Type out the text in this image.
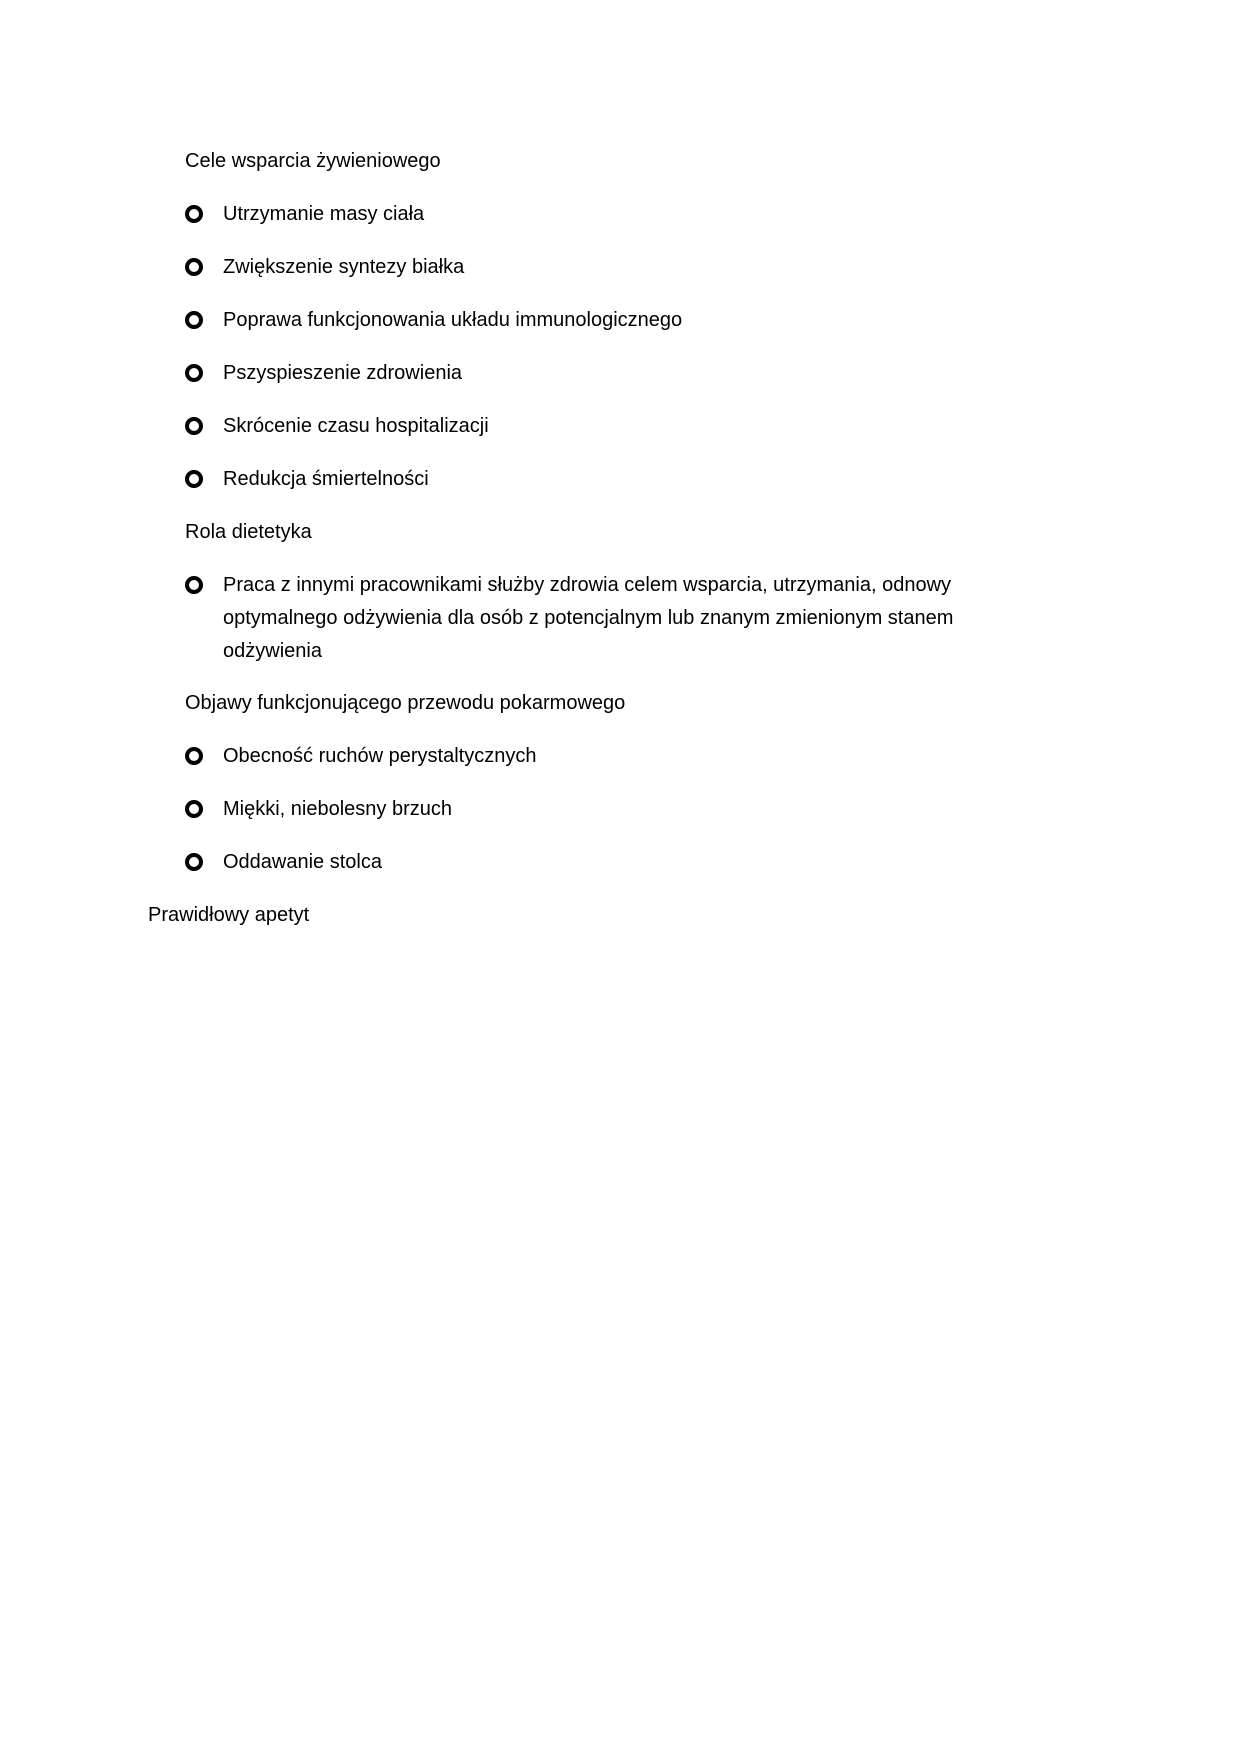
Cele wsparcia żywieniowego
Utrzymanie masy ciała
Zwiększenie syntezy białka
Poprawa funkcjonowania układu immunologicznego
Pszyspieszenie zdrowienia
Skrócenie czasu hospitalizacji
Redukcja śmiertelności
Rola dietetyka
Praca z innymi pracownikami służby zdrowia celem wsparcia, utrzymania, odnowy optymalnego odżywienia dla osób z potencjalnym lub znanym zmienionym stanem odżywienia
Objawy funkcjonującego przewodu pokarmowego
Obecność ruchów perystaltycznych
Miękki, niebolesny brzuch
Oddawanie stolca
Prawidłowy apetyt
